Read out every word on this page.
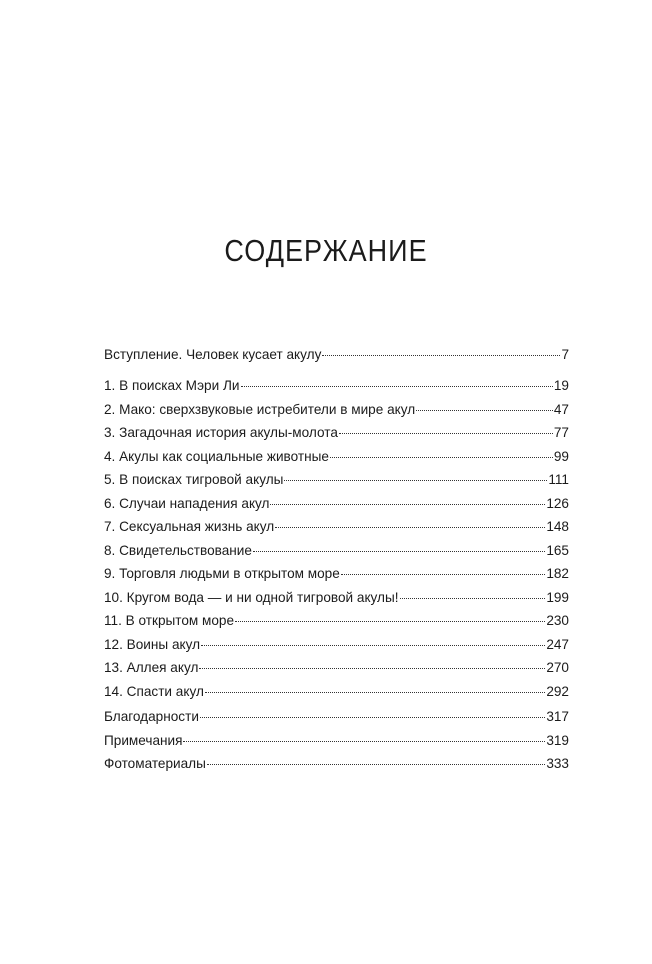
СОДЕРЖАНИЕ
Вступление. Человек кусает акулу	7
1. В поисках Мэри Ли	19
2. Мако: сверхзвуковые истребители в мире акул	47
3. Загадочная история акулы-молота	77
4. Акулы как социальные животные	99
5. В поисках тигровой акулы	111
6. Случаи нападения акул	126
7. Сексуальная жизнь акул	148
8. Свидетельствование	165
9. Торговля людьми в открытом море	182
10. Кругом вода — и ни одной тигровой акулы!	199
11. В открытом море	230
12. Воины акул	247
13. Аллея акул	270
14. Спасти акул	292
Благодарности	317
Примечания	319
Фотоматериалы	333
